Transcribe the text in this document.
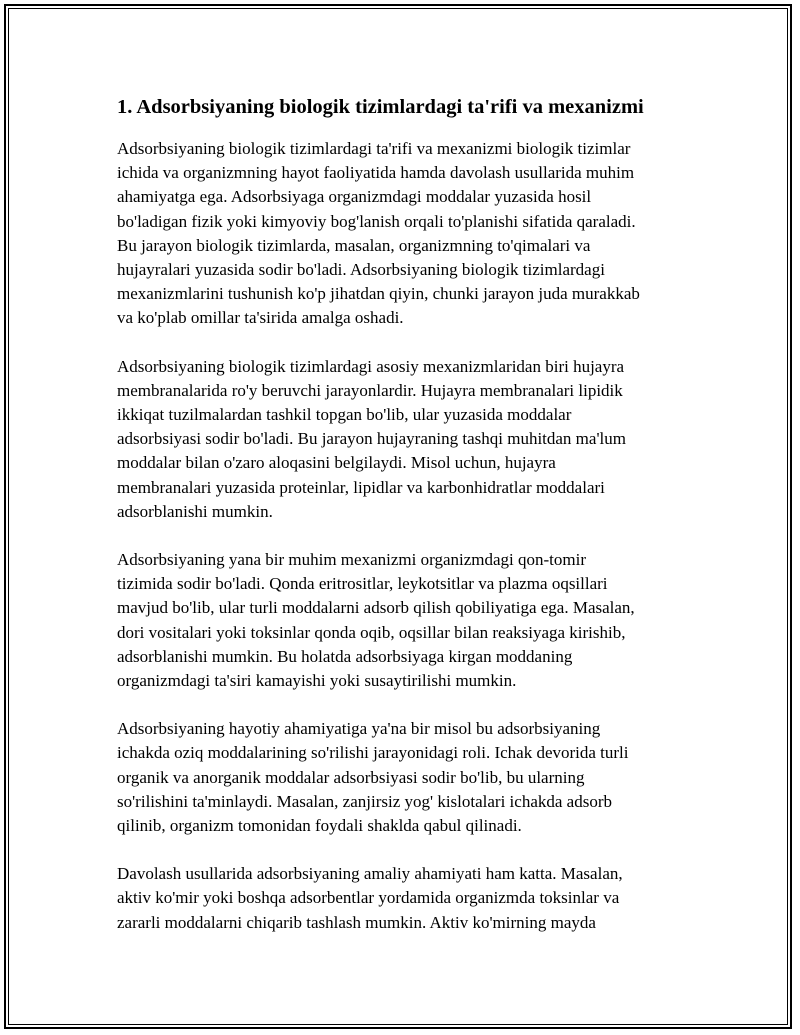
1. Adsorbsiyaning biologik tizimlardagi ta'rifi va mexanizmi
Adsorbsiyaning biologik tizimlardagi ta'rifi va mexanizmi biologik tizimlar
ichida va organizmning hayot faoliyatida hamda davolash usullarida muhim
ahamiyatga ega. Adsorbsiyaga organizmdagi moddalar yuzasida hosil
bo'ladigan fizik yoki kimyoviy bog'lanish orqali to'planishi sifatida qaraladi.
Bu jarayon biologik tizimlarda, masalan, organizmning to'qimalari va
hujayralari yuzasida sodir bo'ladi. Adsorbsiyaning biologik tizimlardagi
mexanizmlarini tushunish ko'p jihatdan qiyin, chunki jarayon juda murakkab
va ko'plab omillar ta'sirida amalga oshadi.
Adsorbsiyaning biologik tizimlardagi asosiy mexanizmlaridan biri hujayra
membranalarida ro'y beruvchi jarayonlardir. Hujayra membranalari lipidik
ikkiqat tuzilmalardan tashkil topgan bo'lib, ular yuzasida moddalar
adsorbsiyasi sodir bo'ladi. Bu jarayon hujayraning tashqi muhitdan ma'lum
moddalar bilan o'zaro aloqasini belgilaydi. Misol uchun, hujayra
membranalari yuzasida proteinlar, lipidlar va karbonhidratlar moddalari
adsorblanishi mumkin.
Adsorbsiyaning yana bir muhim mexanizmi organizmdagi qon-tomir
tizimida sodir bo'ladi. Qonda eritrositlar, leykotsitlar va plazma oqsillari
mavjud bo'lib, ular turli moddalarni adsorb qilish qobiliyatiga ega. Masalan,
dori vositalari yoki toksinlar qonda oqib, oqsillar bilan reaksiyaga kirishib,
adsorblanishi mumkin. Bu holatda adsorbsiyaga kirgan moddaning
organizmdagi ta'siri kamayishi yoki susaytirilishi mumkin.
Adsorbsiyaning hayotiy ahamiyatiga ya'na bir misol bu adsorbsiyaning
ichakda oziq moddalarining so'rilishi jarayonidagi roli. Ichak devorida turli
organik va anorganik moddalar adsorbsiyasi sodir bo'lib, bu ularning
so'rilishini ta'minlaydi. Masalan, zanjirsiz yog' kislotalari ichakda adsorb
qilinib, organizm tomonidan foydali shaklda qabul qilinadi.
Davolash usullarida adsorbsiyaning amaliy ahamiyati ham katta. Masalan,
aktiv ko'mir yoki boshqa adsorbentlar yordamida organizmda toksinlar va
zararli moddalarni chiqarib tashlash mumkin. Aktiv ko'mirning mayda
